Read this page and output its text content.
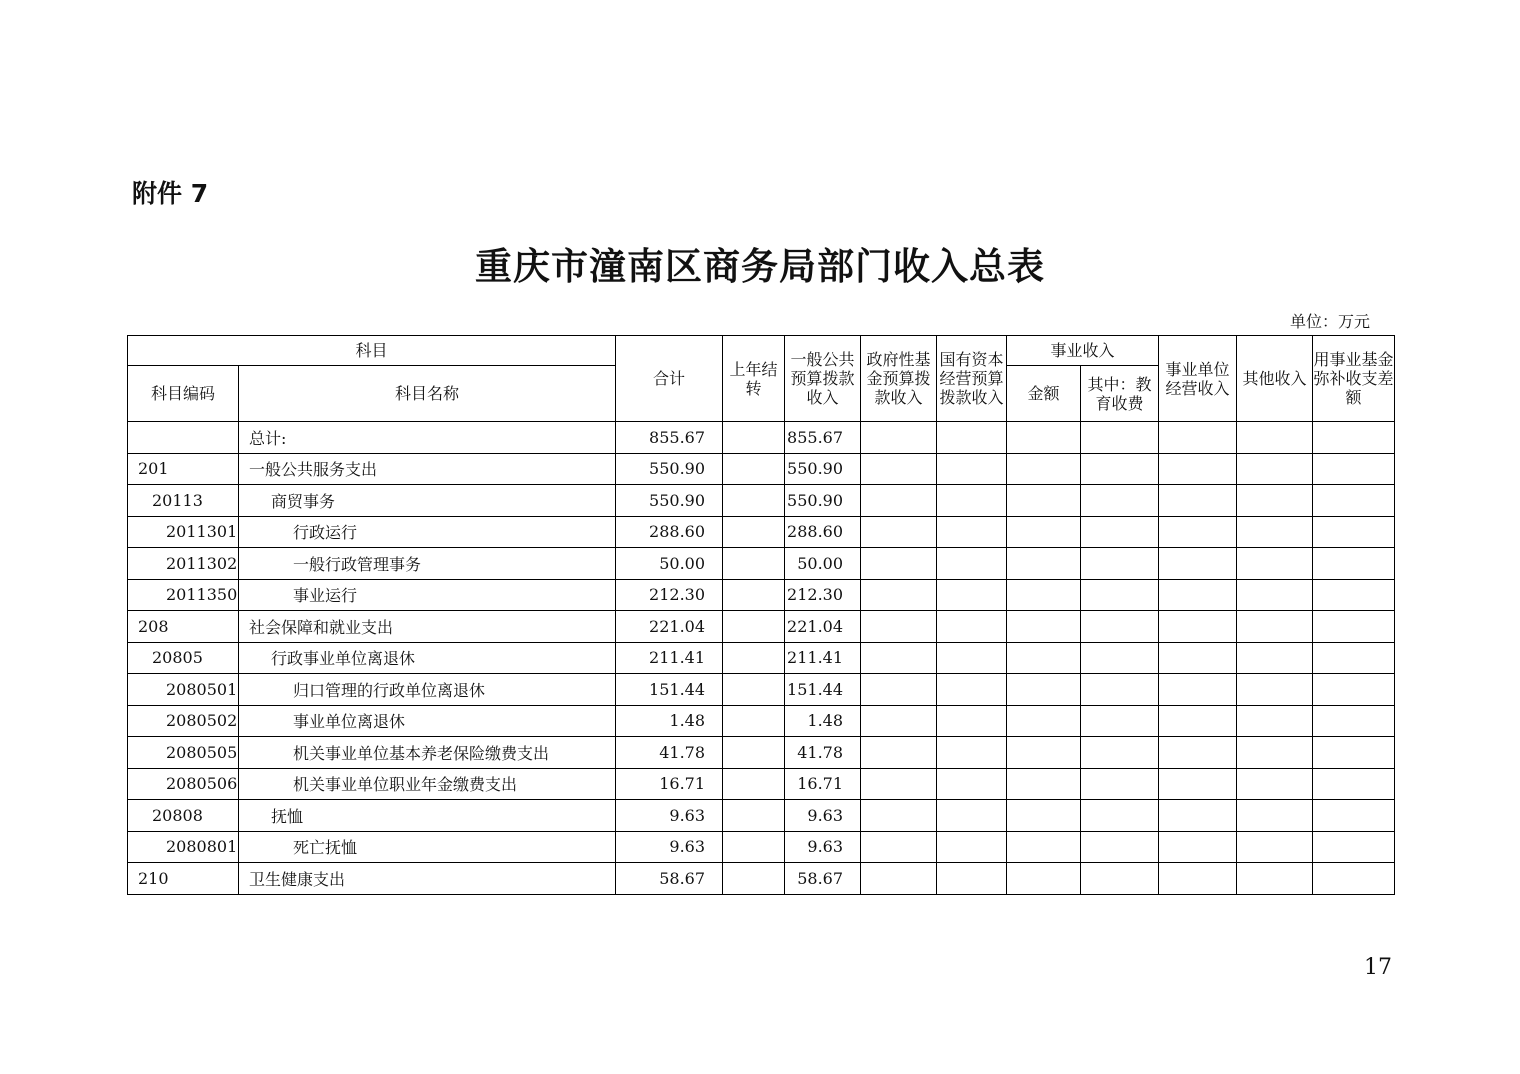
附件 7
重庆市潼南区商务局部门收入总表
单位：万元
科目		合计	上年结转	一般公共预算拨款收入	政府性基金预算拨款收入	国有资本经营预算拨款收入	事业收入		事业单位经营收入	其他收入	用事业基金弥补收支差额
科目编码	科目名称						金额	其中：教育收费			
	总计:	855.67		855.67							
201	一般公共服务支出	550.90		550.90							
20113	商贸事务	550.90		550.90							
2011301	行政运行	288.60		288.60							
2011302	一般行政管理事务	50.00		50.00							
2011350	事业运行	212.30		212.30							
208	社会保障和就业支出	221.04		221.04							
20805	行政事业单位离退休	211.41		211.41							
2080501	归口管理的行政单位离退休	151.44		151.44							
2080502	事业单位离退休	1.48		1.48							
2080505	机关事业单位基本养老保险缴费支出	41.78		41.78							
2080506	机关事业单位职业年金缴费支出	16.71		16.71							
20808	抚恤	9.63		9.63							
2080801	死亡抚恤	9.63		9.63							
210	卫生健康支出	58.67		58.67							
17
